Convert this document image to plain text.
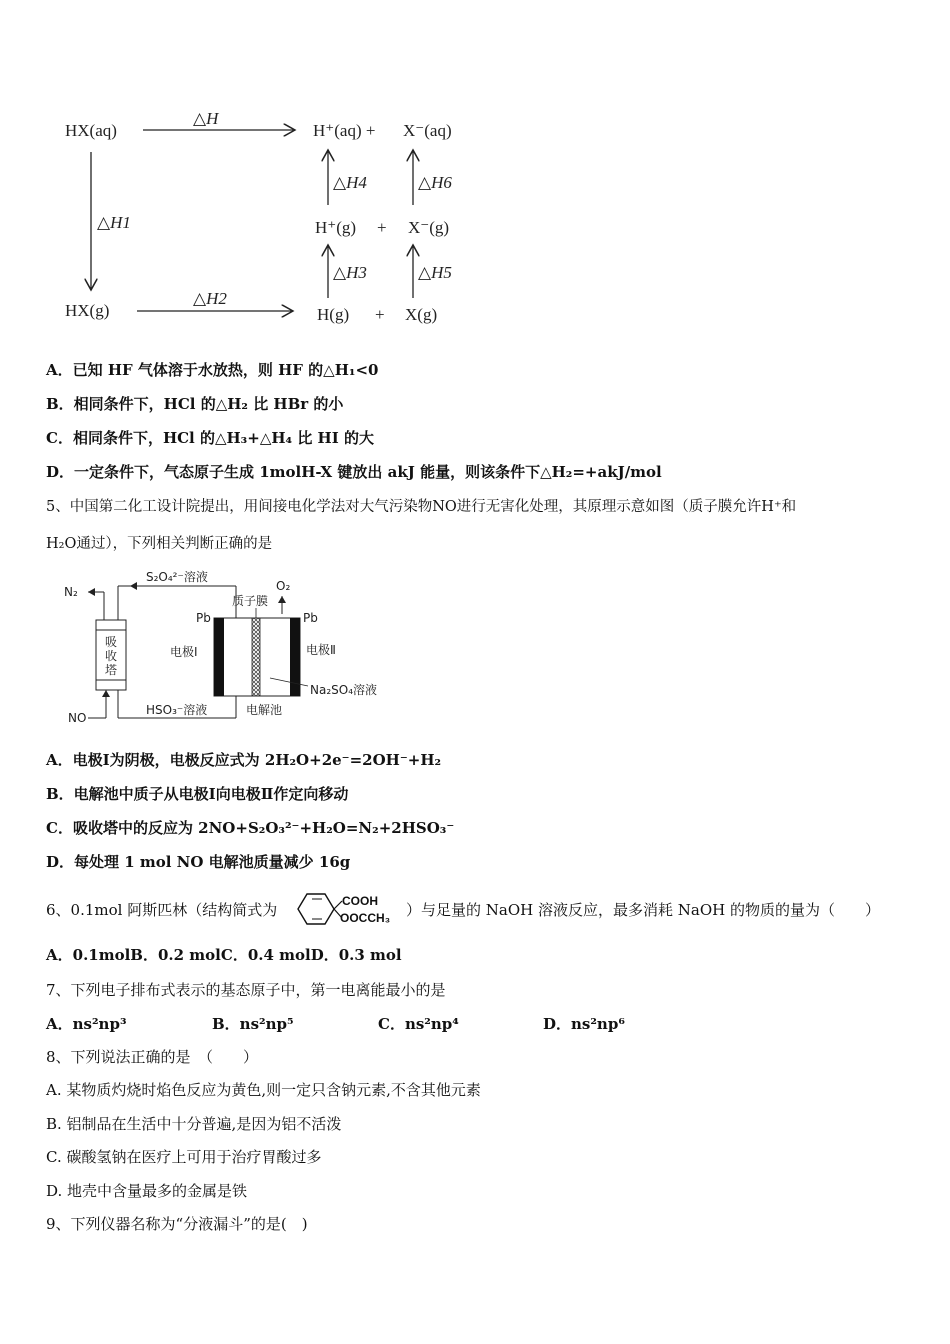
HX(aq)
△H
H⁺(aq) + X⁻(aq)
△H1
△H4	△H6
H⁺(g) + X⁻(g)
△H3	△H5
HX(g)
△H2
H(g) + X(g)
A．已知 HF 气体溶于水放热，则 HF 的△H₁<0
B．相同条件下，HCl 的△H₂ 比 HBr 的小
C．相同条件下，HCl 的△H₃+△H₄ 比 HI 的大
D．一定条件下，气态原子生成 1molH-X 键放出 akJ 能量，则该条件下△H₂=+akJ/mol
5、中国第二化工设计院提出，用间接电化学法对大气污染物NO进行无害化处理，其原理示意如图（质子膜允许H⁺和
H₂O通过），下列相关判断正确的是
N₂
S₂O₄²⁻溶液
吸
收
塔
NO
HSO₃⁻溶液
Pb	Pb
质子膜
O₂
电极Ⅰ	电极Ⅱ
Na₂SO₄溶液
电解池
A．电极Ⅰ为阴极，电极反应式为 2H₂O+2e⁻=2OH⁻+H₂
B．电解池中质子从电极Ⅰ向电极Ⅱ作定向移动
C．吸收塔中的反应为 2NO+S₂O₃²⁻+H₂O=N₂+2HSO₃⁻
D．每处理 1 mol NO 电解池质量减少 16g
6、0.1mol 阿斯匹林（结构简式为	COOH
OOCCH₃ ）与足量的 NaOH 溶液反应，最多消耗 NaOH 的物质的量为（　　）
A．0.1molB．0.2 molC．0.4 molD．0.3 mol
7、下列电子排布式表示的基态原子中，第一电离能最小的是
A．ns²np³	B．ns²np⁵	C．ns²np⁴	D．ns²np⁶
8、下列说法正确的是　（　　）
A. 某物质灼烧时焰色反应为黄色,则一定只含钠元素,不含其他元素
B. 铝制品在生活中十分普遍,是因为铝不活泼
C. 碳酸氢钠在医疗上可用于治疗胃酸过多
D. 地壳中含量最多的金属是铁
9、下列仪器名称为“分液漏斗”的是(　)
